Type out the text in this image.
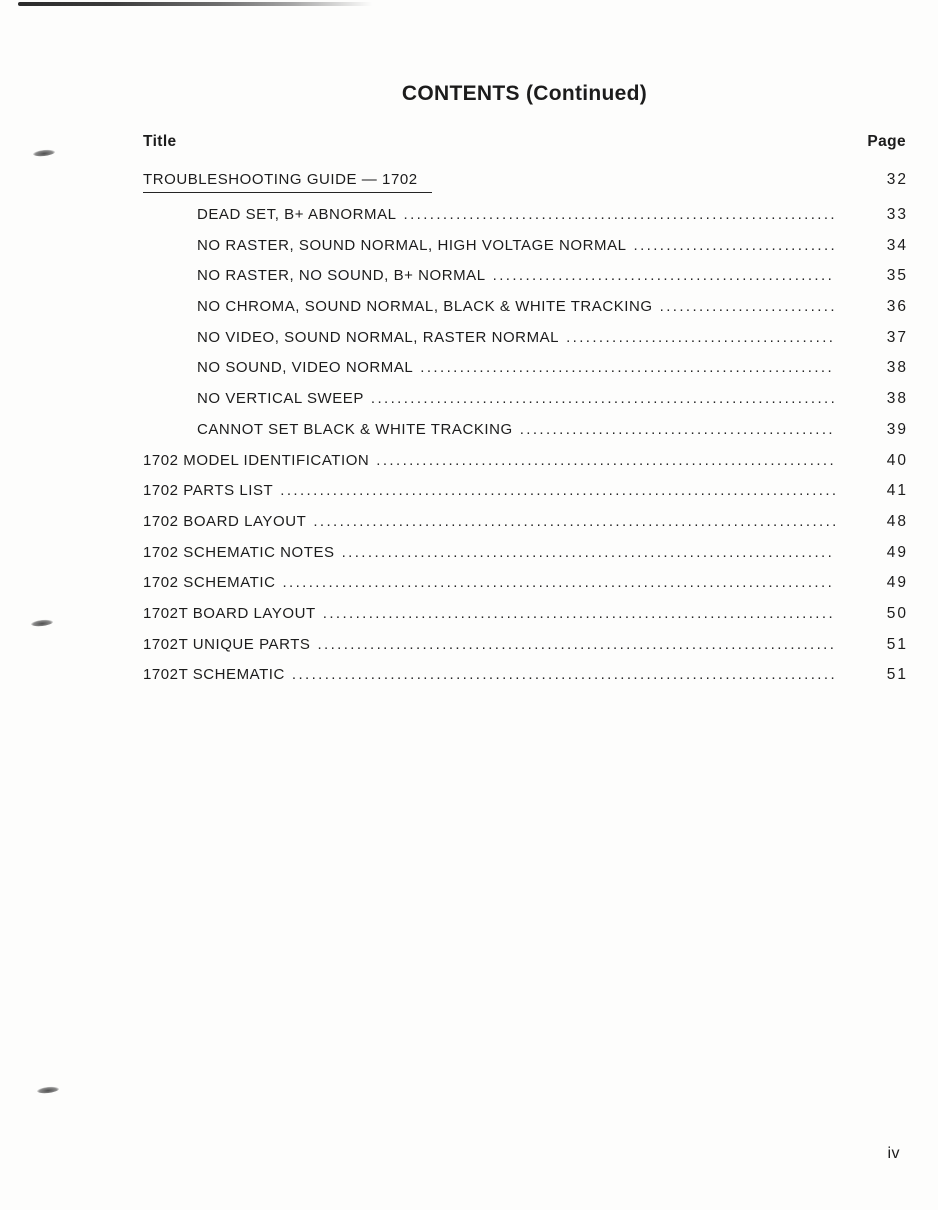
CONTENTS (Continued)
Title	Page
TROUBLESHOOTING GUIDE — 1702	32
DEAD SET, B+ ABNORMAL .....	33
NO RASTER, SOUND NORMAL, HIGH VOLTAGE NORMAL .....	34
NO RASTER, NO SOUND, B+ NORMAL .....	35
NO CHROMA, SOUND NORMAL, BLACK & WHITE TRACKING .....	36
NO VIDEO, SOUND NORMAL, RASTER NORMAL .....	37
NO SOUND, VIDEO NORMAL .....	38
NO VERTICAL SWEEP .....	38
CANNOT SET BLACK & WHITE TRACKING .....	39
1702 MODEL IDENTIFICATION .....	40
1702 PARTS LIST .....	41
1702 BOARD LAYOUT .....	48
1702 SCHEMATIC NOTES .....	49
1702 SCHEMATIC .....	49
1702T BOARD LAYOUT .....	50
1702T UNIQUE PARTS .....	51
1702T SCHEMATIC .....	51
iv
